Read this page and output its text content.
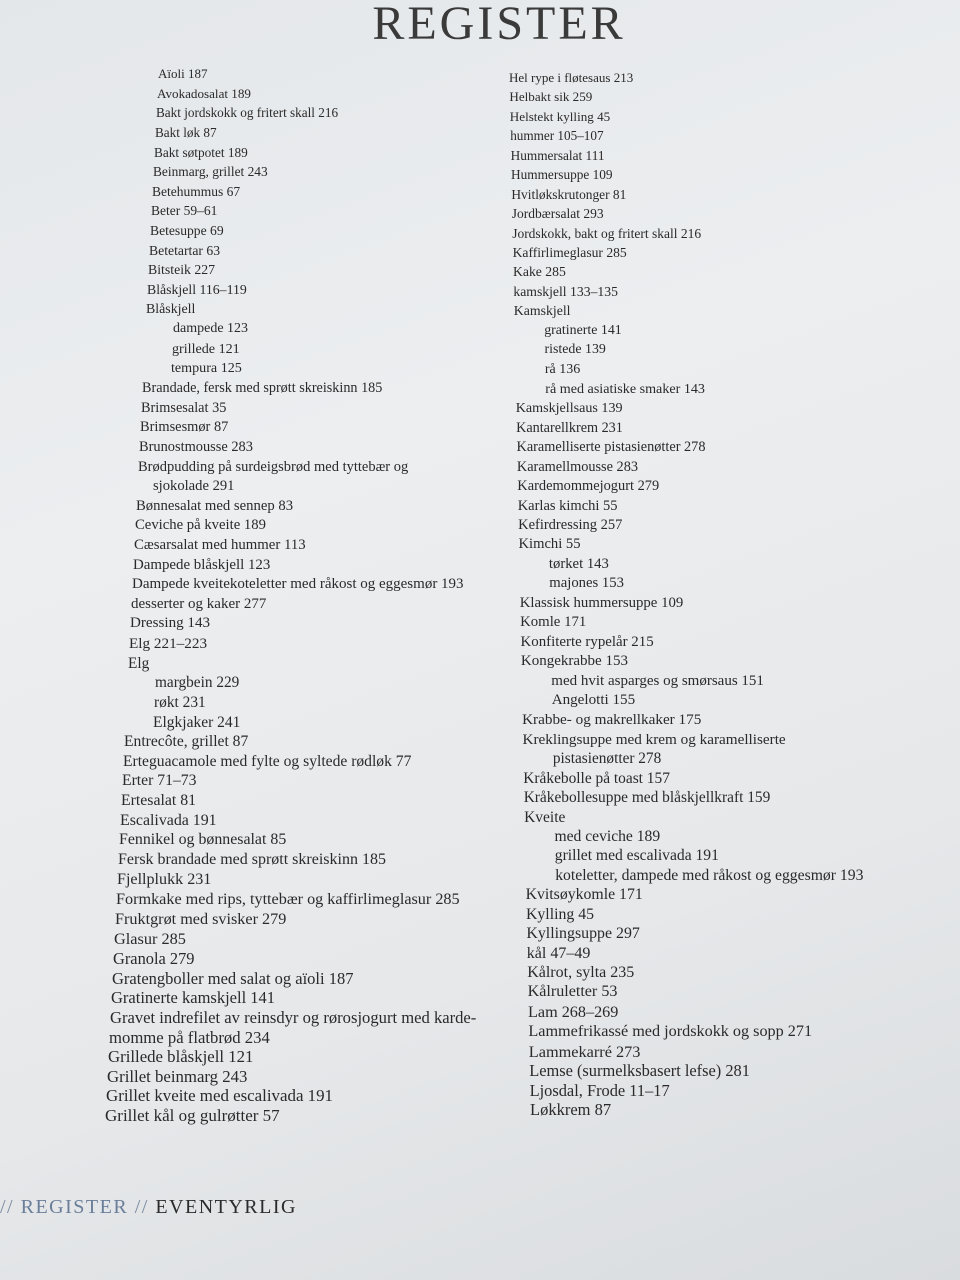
REGISTER
Aïoli 187
Avokadosalat 189
Bakt jordskokk og fritert skall 216
Bakt løk 87
Bakt søtpotet 189
Beinmarg, grillet 243
Betehummus 67
Beter 59–61
Betesuppe 69
Betetartar 63
Bitsteik 227
Blåskjell 116–119
Blåskjell
dampede 123
grillede 121
tempura 125
Brandade, fersk med sprøtt skreiskinn 185
Brimsesalat 35
Brimsesmør 87
Brunostmousse 283
Brødpudding på surdeigsbrød med tyttebær og
sjokolade 291
Bønnesalat med sennep 83
Ceviche på kveite 189
Cæsarsalat med hummer 113
Dampede blåskjell 123
Dampede kveitekoteletter med råkost og eggesmør 193
desserter og kaker 277
Dressing 143
Elg 221–223
Elg
margbein 229
røkt 231
Elgkjaker 241
Entrecôte, grillet 87
Erteguacamole med fylte og syltede rødløk 77
Erter 71–73
Ertesalat 81
Escalivada 191
Fennikel og bønnesalat 85
Fersk brandade med sprøtt skreiskinn 185
Fjellplukk 231
Formkake med rips, tyttebær og kaffirlimeglasur 285
Fruktgrøt med svisker 279
Glasur 285
Granola 279
Gratengboller med salat og aïoli 187
Gratinerte kamskjell 141
Gravet indrefilet av reinsdyr og rørosjogurt med karde-
momme på flatbrød 234
Grillede blåskjell 121
Grillet beinmarg 243
Grillet kveite med escalivada 191
Grillet kål og gulrøtter 57
Hel rype i fløtesaus 213
Helbakt sik 259
Helstekt kylling 45
hummer 105–107
Hummersalat 111
Hummersuppe 109
Hvitløkskrutonger 81
Jordbærsalat 293
Jordskokk, bakt og fritert skall 216
Kaffirlimeglasur 285
Kake 285
kamskjell 133–135
Kamskjell
gratinerte 141
ristede 139
rå 136
rå med asiatiske smaker 143
Kamskjellsaus 139
Kantarellkrem 231
Karamelliserte pistasienøtter 278
Karamellmousse 283
Kardemommejogurt 279
Karlas kimchi 55
Kefirdressing 257
Kimchi 55
tørket 143
majones 153
Klassisk hummersuppe 109
Komle 171
Konfiterte rypelår 215
Kongekrabbe 153
med hvit asparges og smørsaus 151
Angelotti 155
Krabbe- og makrellkaker 175
Kreklingsuppe med krem og karamelliserte
pistasienøtter 278
Kråkebolle på toast 157
Kråkebollesuppe med blåskjellkraft 159
Kveite
med ceviche 189
grillet med escalivada 191
koteletter, dampede med råkost og eggesmør 193
Kvitsøykomle 171
Kylling 45
Kyllingsuppe 297
kål 47–49
Kålrot, sylta 235
Kålruletter 53
Lam 268–269
Lammefrikassé med jordskokk og sopp 271
Lammekarré 273
Lemse (surmelksbasert lefse) 281
Ljosdal, Frode 11–17
Løkkrem 87
// REGISTER // EVENTYRLIG
